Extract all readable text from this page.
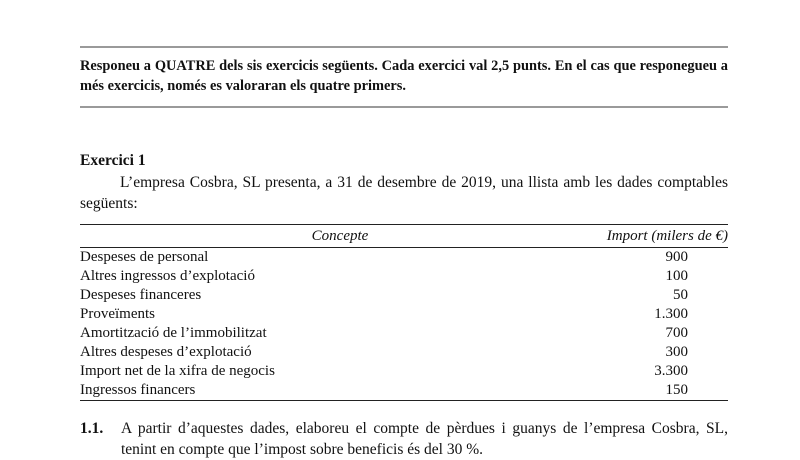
Responeu a QUATRE dels sis exercicis següents. Cada exercici val 2,5 punts. En el cas que responegueu a més exercicis, només es valoraran els quatre primers.
Exercici 1
L’empresa Cosbra, SL presenta, a 31 de desembre de 2019, una llista amb les dades comptables següents:
Concepte	Import (milers de €)
Despeses de personal	900
Altres ingressos d’explotació	100
Despeses financeres	50
Proveïments	1.300
Amortització de l’immobilitzat	700
Altres despeses d’explotació	300
Import net de la xifra de negocis	3.300
Ingressos financers	150
1.1. A partir d’aquestes dades, elaboreu el compte de pèrdues i guanys de l’empresa Cosbra, SL, tenint en compte que l’impost sobre beneficis és del 30 %.
